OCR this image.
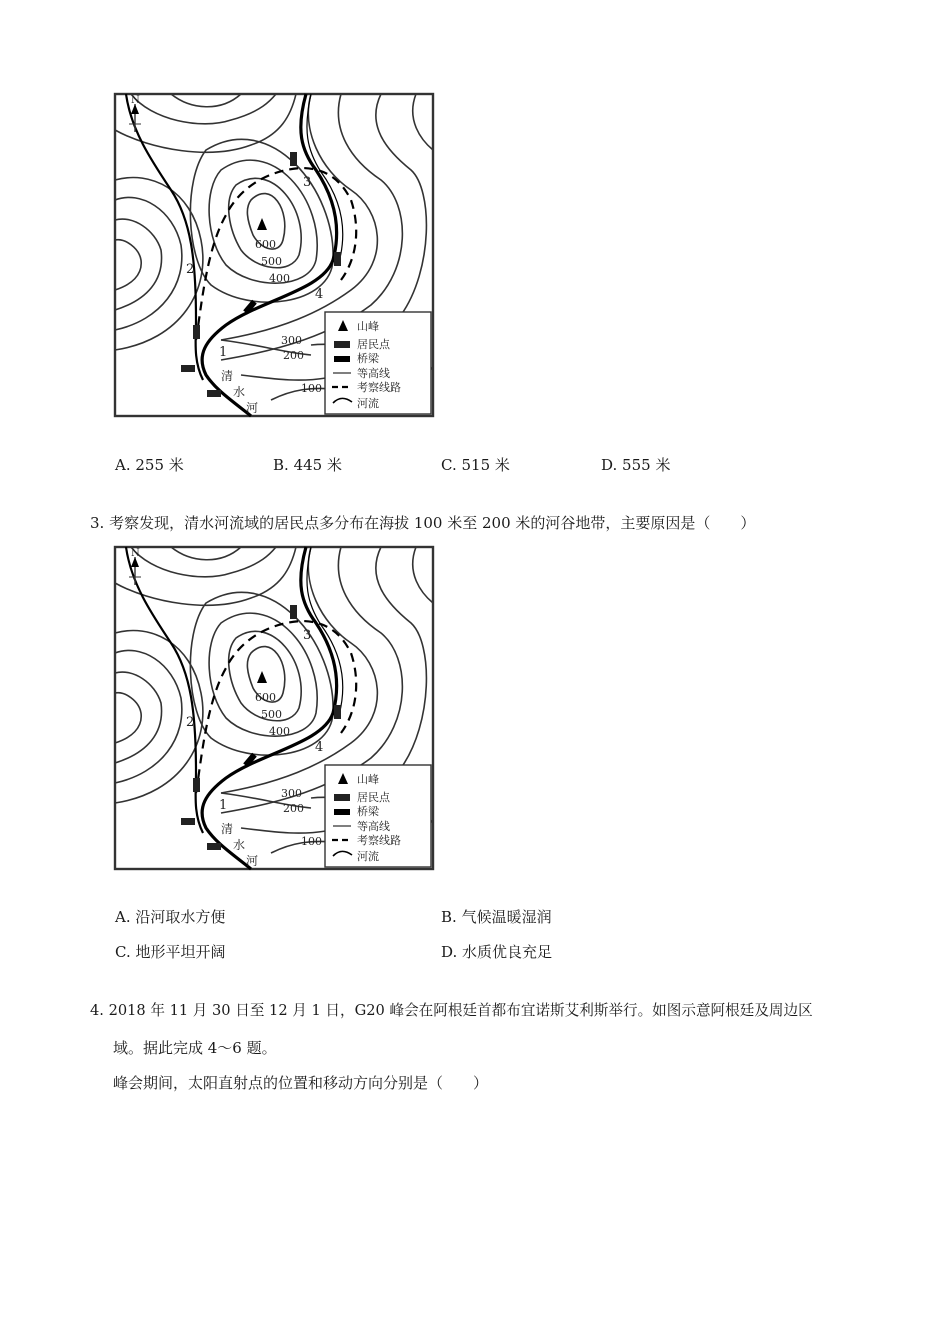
N
600
500
400
300
200
100
2
3
4
1
清
水
河
山峰
居民点
桥梁
等高线
考察线路
河流
A. 255 米	B. 445 米	C. 515 米	D. 555 米
3. 考察发现，清水河流域的居民点多分布在海拔 100 米至 200 米的河谷地带，主要原因是（　　）
N
600
500
400
300
200
100
2
3
4
1
清
水
河
山峰
居民点
桥梁
等高线
考察线路
河流
A. 沿河取水方便	B. 气候温暖湿润
C. 地形平坦开阔	D. 水质优良充足
4. 2018 年 11 月 30 日至 12 月 1 日，G20 峰会在阿根廷首都布宜诺斯艾利斯举行。如图示意阿根廷及周边区
域。据此完成 4～6 题。
峰会期间，太阳直射点的位置和移动方向分别是（　　）
